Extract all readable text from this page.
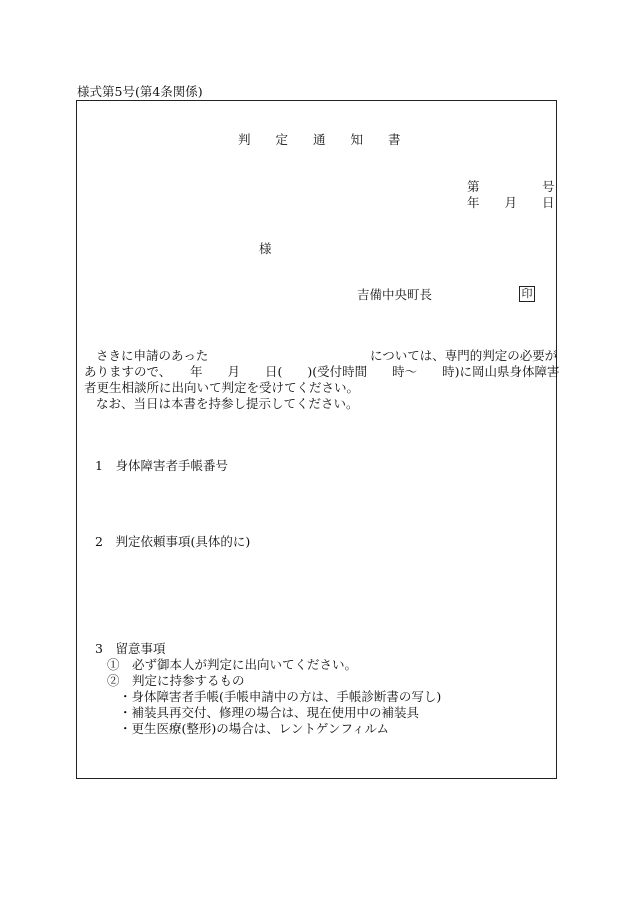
様式第5号(第4条関係)
判　　定　　通　　知　　書
第　　　　　号
年　　月　　日
様
吉備中央町長	印
さきに申請のあった	については、専門的判定の必要が
ありますので、　　年　　月　　日(　　)(受付時間　　時〜　　時)に岡山県身体障害
者更生相談所に出向いて判定を受けてください。
なお、当日は本書を持参し提示してください。
1　身体障害者手帳番号
2　判定依頼事項(具体的に)
3　留意事項
①　必ず御本人が判定に出向いてください。
②　判定に持参するもの
・身体障害者手帳(手帳申請中の方は、手帳診断書の写し)
・補装具再交付、修理の場合は、現在使用中の補装具
・更生医療(整形)の場合は、レントゲンフィルム
